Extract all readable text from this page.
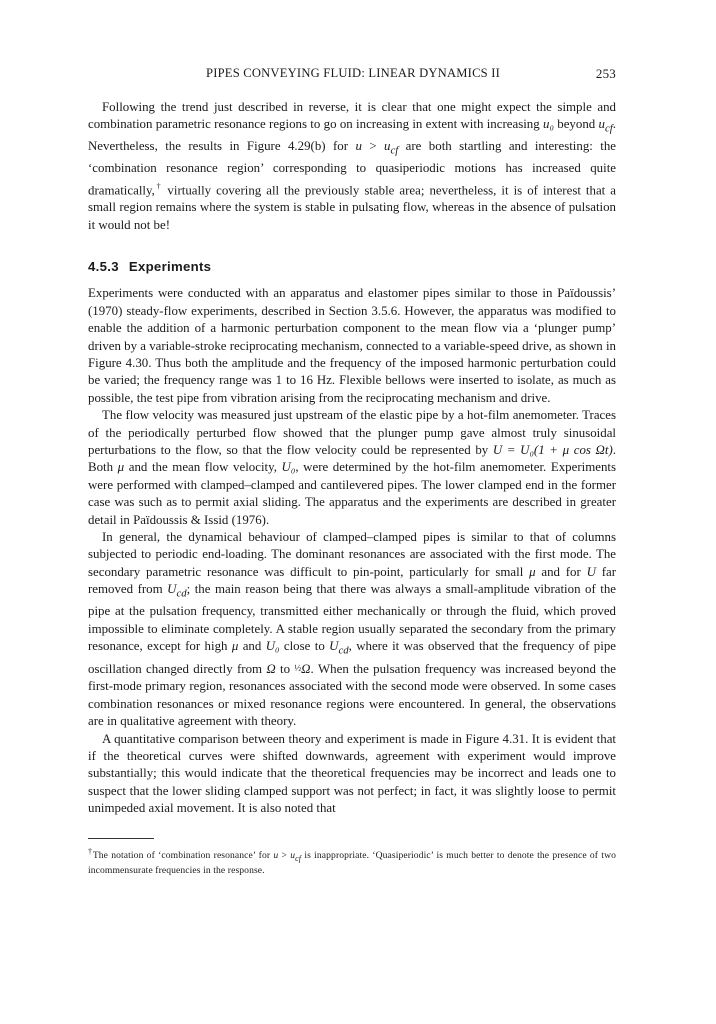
PIPES CONVEYING FLUID: LINEAR DYNAMICS II	253

Following the trend just described in reverse, it is clear that one might expect the simple and combination parametric resonance regions to go on increasing in extent with increasing u₀ beyond $u_{cf}$. Nevertheless, the results in Figure 4.29(b) for $u > u_{cf}$ are both startling and interesting: the ‘combination resonance region’ corresponding to quasiperiodic motions has increased quite dramatically,† virtually covering all the previously stable area; nevertheless, it is of interest that a small region remains where the system is stable in pulsating flow, whereas in the absence of pulsation it would not be!

4.5.3 Experiments

Experiments were conducted with an apparatus and elastomer pipes similar to those in Païdoussis’ (1970) steady-flow experiments, described in Section 3.5.6. However, the apparatus was modified to enable the addition of a harmonic perturbation component to the mean flow via a ‘plunger pump’ driven by a variable-stroke reciprocating mechanism, connected to a variable-speed drive, as shown in Figure 4.30. Thus both the amplitude and the frequency of the imposed harmonic perturbation could be varied; the frequency range was 1 to 16 Hz. Flexible bellows were inserted to isolate, as much as possible, the test pipe from vibration arising from the reciprocating mechanism and drive.

The flow velocity was measured just upstream of the elastic pipe by a hot-film anemometer. Traces of the periodically perturbed flow showed that the plunger pump gave almost truly sinusoidal perturbations to the flow, so that the flow velocity could be represented by U = U₀(1 + μ cos Ωt). Both μ and the mean flow velocity, U₀, were determined by the hot-film anemometer. Experiments were performed with clamped–clamped and cantilevered pipes. The lower clamped end in the former case was such as to permit axial sliding. The apparatus and the experiments are described in greater detail in Païdoussis & Issid (1976).

In general, the dynamical behaviour of clamped–clamped pipes is similar to that of columns subjected to periodic end-loading. The dominant resonances are associated with the first mode. The secondary parametric resonance was difficult to pin-point, particularly for small μ and for U far removed from $U_{cd}$; the main reason being that there was always a small-amplitude vibration of the pipe at the pulsation frequency, transmitted either mechanically or through the fluid, which proved impossible to eliminate completely. A stable region usually separated the secondary from the primary resonance, except for high μ and U₀ close to $U_{cd}$, where it was observed that the frequency of pipe oscillation changed directly from Ω to ½Ω. When the pulsation frequency was increased beyond the first-mode primary region, resonances associated with the second mode were observed. In some cases combination resonances or mixed resonance regions were encountered. In general, the observations are in qualitative agreement with theory.

A quantitative comparison between theory and experiment is made in Figure 4.31. It is evident that if the theoretical curves were shifted downwards, agreement with experiment would improve substantially; this would indicate that the theoretical frequencies may be incorrect and leads one to suspect that the lower sliding clamped support was not perfect; in fact, it was slightly loose to permit unimpeded axial movement. It is also noted that

†The notation of ‘combination resonance’ for $u > u_{cf}$ is inappropriate. ‘Quasiperiodic’ is much better to denote the presence of two incommensurate frequencies in the response.
